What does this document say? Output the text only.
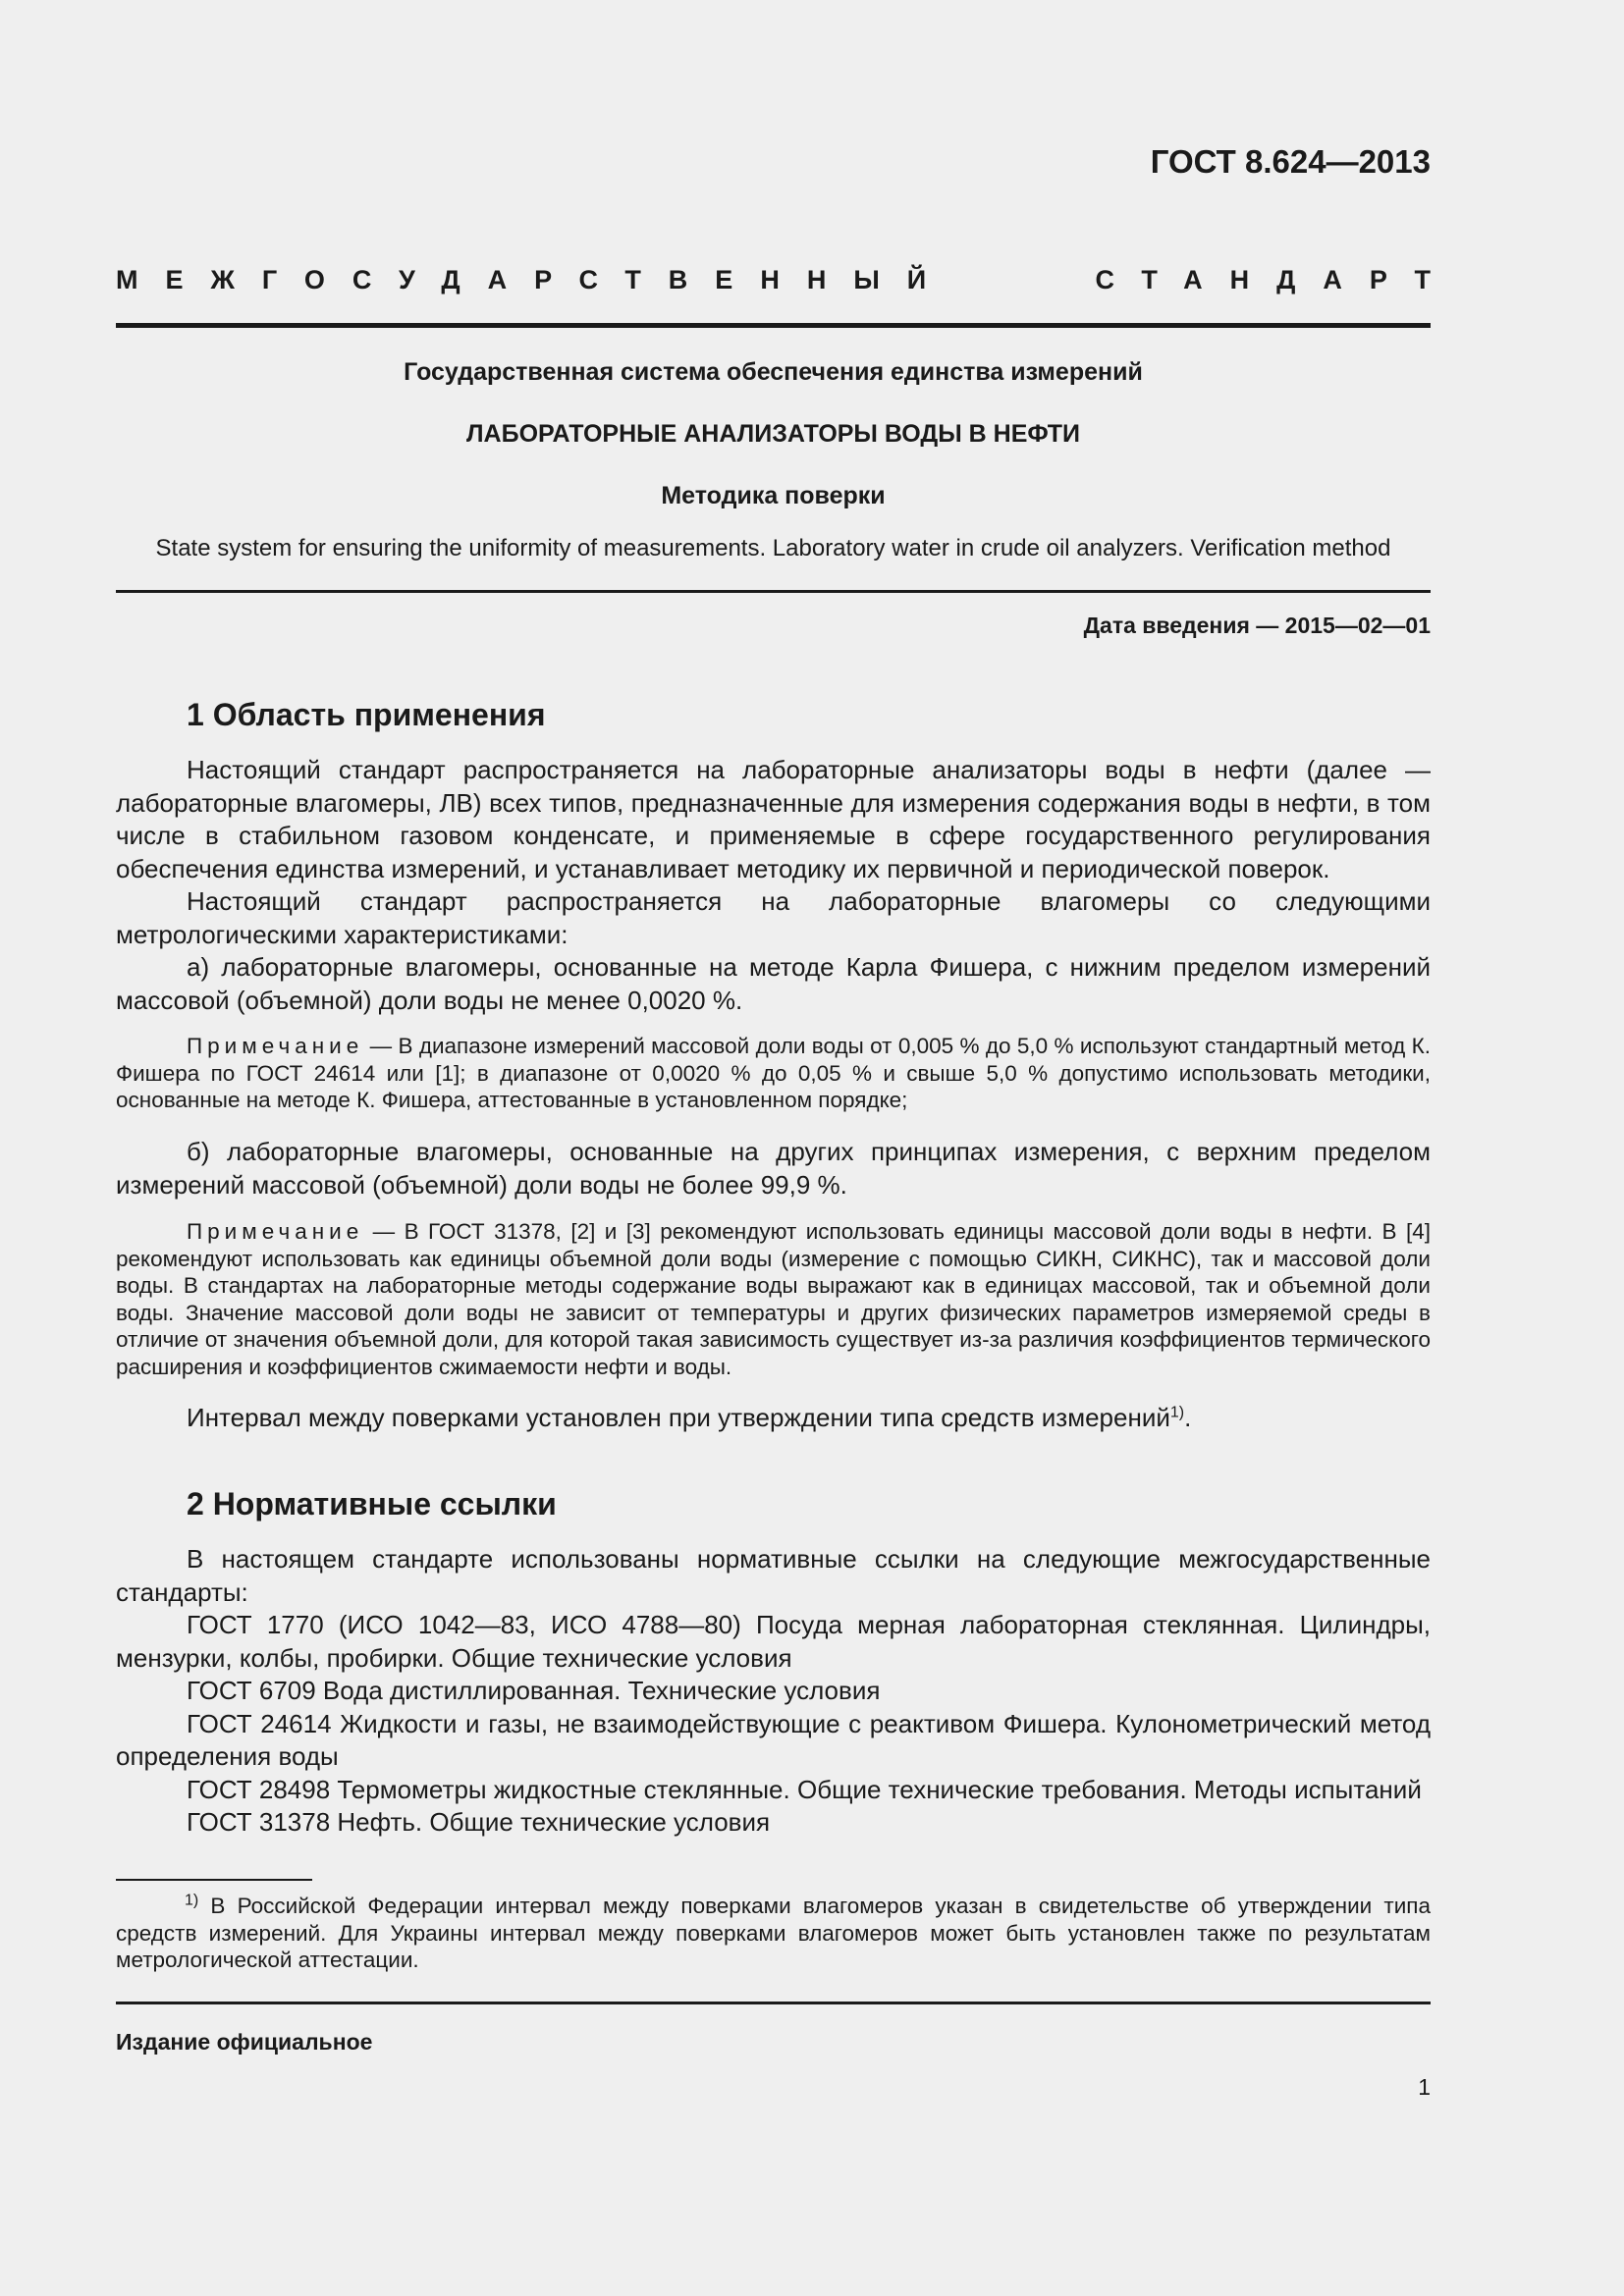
ГОСТ 8.624—2013
МЕЖГОСУДАРСТВЕННЫЙ	СТАНДАРТ
Государственная система обеспечения единства измерений
ЛАБОРАТОРНЫЕ АНАЛИЗАТОРЫ ВОДЫ В НЕФТИ
Методика поверки
State system for ensuring the uniformity of measurements. Laboratory water in crude oil analyzers. Verification method
Дата введения — 2015—02—01
1 Область применения

Настоящий стандарт распространяется на лабораторные анализаторы воды в нефти (далее — лабораторные влагомеры, ЛВ) всех типов, предназначенные для измерения содержания воды в нефти, в том числе в стабильном газовом конденсате, и применяемые в сфере государственного регулирования обеспечения единства измерений, и устанавливает методику их первичной и периодической поверок.

Настоящий стандарт распространяется на лабораторные влагомеры со следующими метрологическими характеристиками:

а) лабораторные влагомеры, основанные на методе Карла Фишера, с нижним пределом измерений массовой (объемной) доли воды не менее 0,0020 %.

Примечание — В диапазоне измерений массовой доли воды от 0,005 % до 5,0 % используют стандартный метод К. Фишера по ГОСТ 24614 или [1]; в диапазоне от 0,0020 % до 0,05 % и свыше 5,0 % допустимо использовать методики, основанные на методе К. Фишера, аттестованные в установленном порядке;

б) лабораторные влагомеры, основанные на других принципах измерения, с верхним пределом измерений массовой (объемной) доли воды не более 99,9 %.

Примечание — В ГОСТ 31378, [2] и [3] рекомендуют использовать единицы массовой доли воды в нефти. В [4] рекомендуют использовать как единицы объемной доли воды (измерение с помощью СИКН, СИКНС), так и массовой доли воды. В стандартах на лабораторные методы содержание воды выражают как в единицах массовой, так и объемной доли воды. Значение массовой доли воды не зависит от температуры и других физических параметров измеряемой среды в отличие от значения объемной доли, для которой такая зависимость существует из-за различия коэффициентов термического расширения и коэффициентов сжимаемости нефти и воды.

Интервал между поверками установлен при утверждении типа средств измерений$^{1)}$.

2 Нормативные ссылки

В настоящем стандарте использованы нормативные ссылки на следующие межгосударственные стандарты:

ГОСТ 1770 (ИСО 1042—83, ИСО 4788—80) Посуда мерная лабораторная стеклянная. Цилиндры, мензурки, колбы, пробирки. Общие технические условия

ГОСТ 6709 Вода дистиллированная. Технические условия

ГОСТ 24614 Жидкости и газы, не взаимодействующие с реактивом Фишера. Кулонометрический метод определения воды

ГОСТ 28498 Термометры жидкостные стеклянные. Общие технические требования. Методы испытаний

ГОСТ 31378 Нефть. Общие технические условия

$^{1)}$ В Российской Федерации интервал между поверками влагомеров указан в свидетельстве об утверждении типа средств измерений. Для Украины интервал между поверками влагомеров может быть установлен также по результатам метрологической аттестации.
Издание официальное
1
